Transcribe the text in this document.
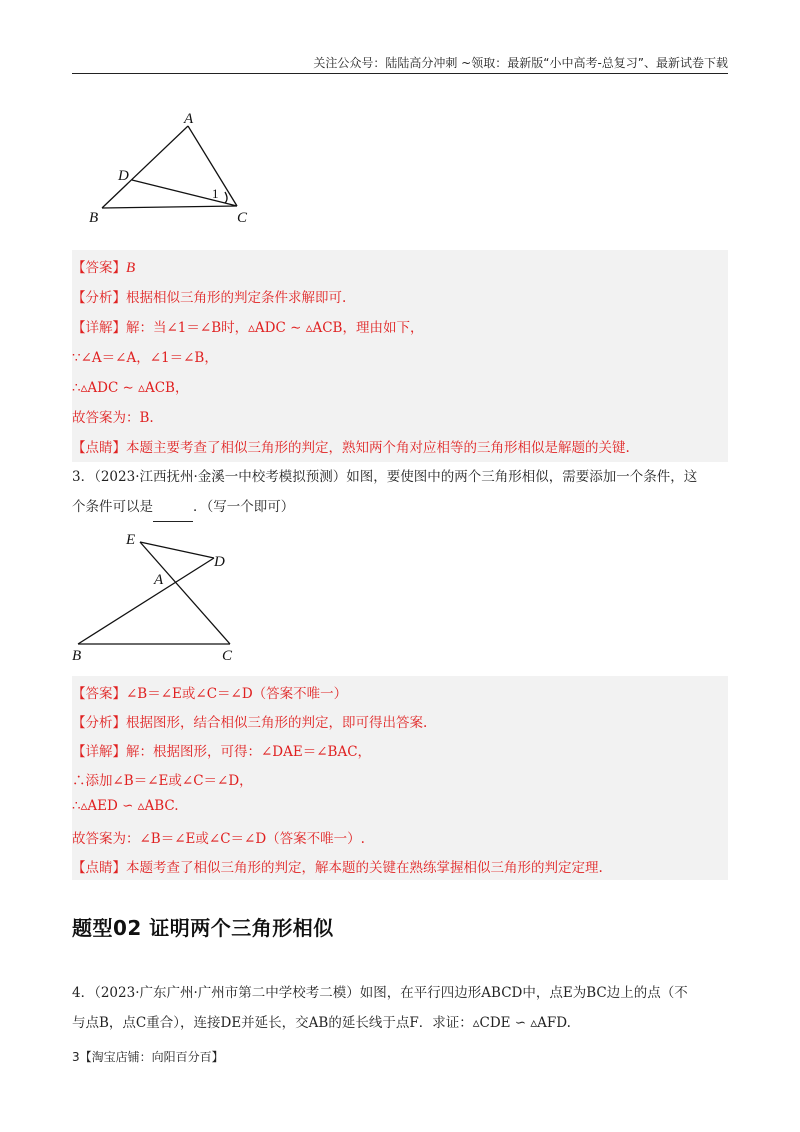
关注公众号：陆陆高分冲刺 ~领取：最新版“小中高考-总复习”、最新试卷下载
A
B	C
D
1
【答案】B
【分析】根据相似三角形的判定条件求解即可.
【详解】解：当∠1＝∠B时，▵ADC ∼ ▵ACB，理由如下，
∵∠A＝∠A，∠1＝∠B，
∴▵ADC ∼ ▵ACB，
故答案为：B.
【点睛】本题主要考查了相似三角形的判定，熟知两个角对应相等的三角形相似是解题的关键.
3．（2023·江西抚州·金溪一中校考模拟预测）如图，要使图中的两个三角形相似，需要添加一个条件，这
个条件可以是	．（写一个即可）
E
D
A
B	C
【答案】∠B＝∠E或∠C＝∠D（答案不唯一）
【分析】根据图形，结合相似三角形的判定，即可得出答案.
【详解】解：根据图形，可得：∠DAE＝∠BAC，
∴添加∠B＝∠E或∠C＝∠D，
∴▵AED ∽ ▵ABC.
故答案为：∠B＝∠E或∠C＝∠D（答案不唯一）.
【点睛】本题考查了相似三角形的判定，解本题的关键在熟练掌握相似三角形的判定定理.
题型02 证明两个三角形相似
4．（2023·广东广州·广州市第二中学校考二模）如图，在平行四边形ABCD中，点E为BC边上的点（不
与点B，点C重合），连接DE并延长，交AB的延长线于点F．求证：▵CDE ∽ ▵AFD.
3【淘宝店铺：向阳百分百】
